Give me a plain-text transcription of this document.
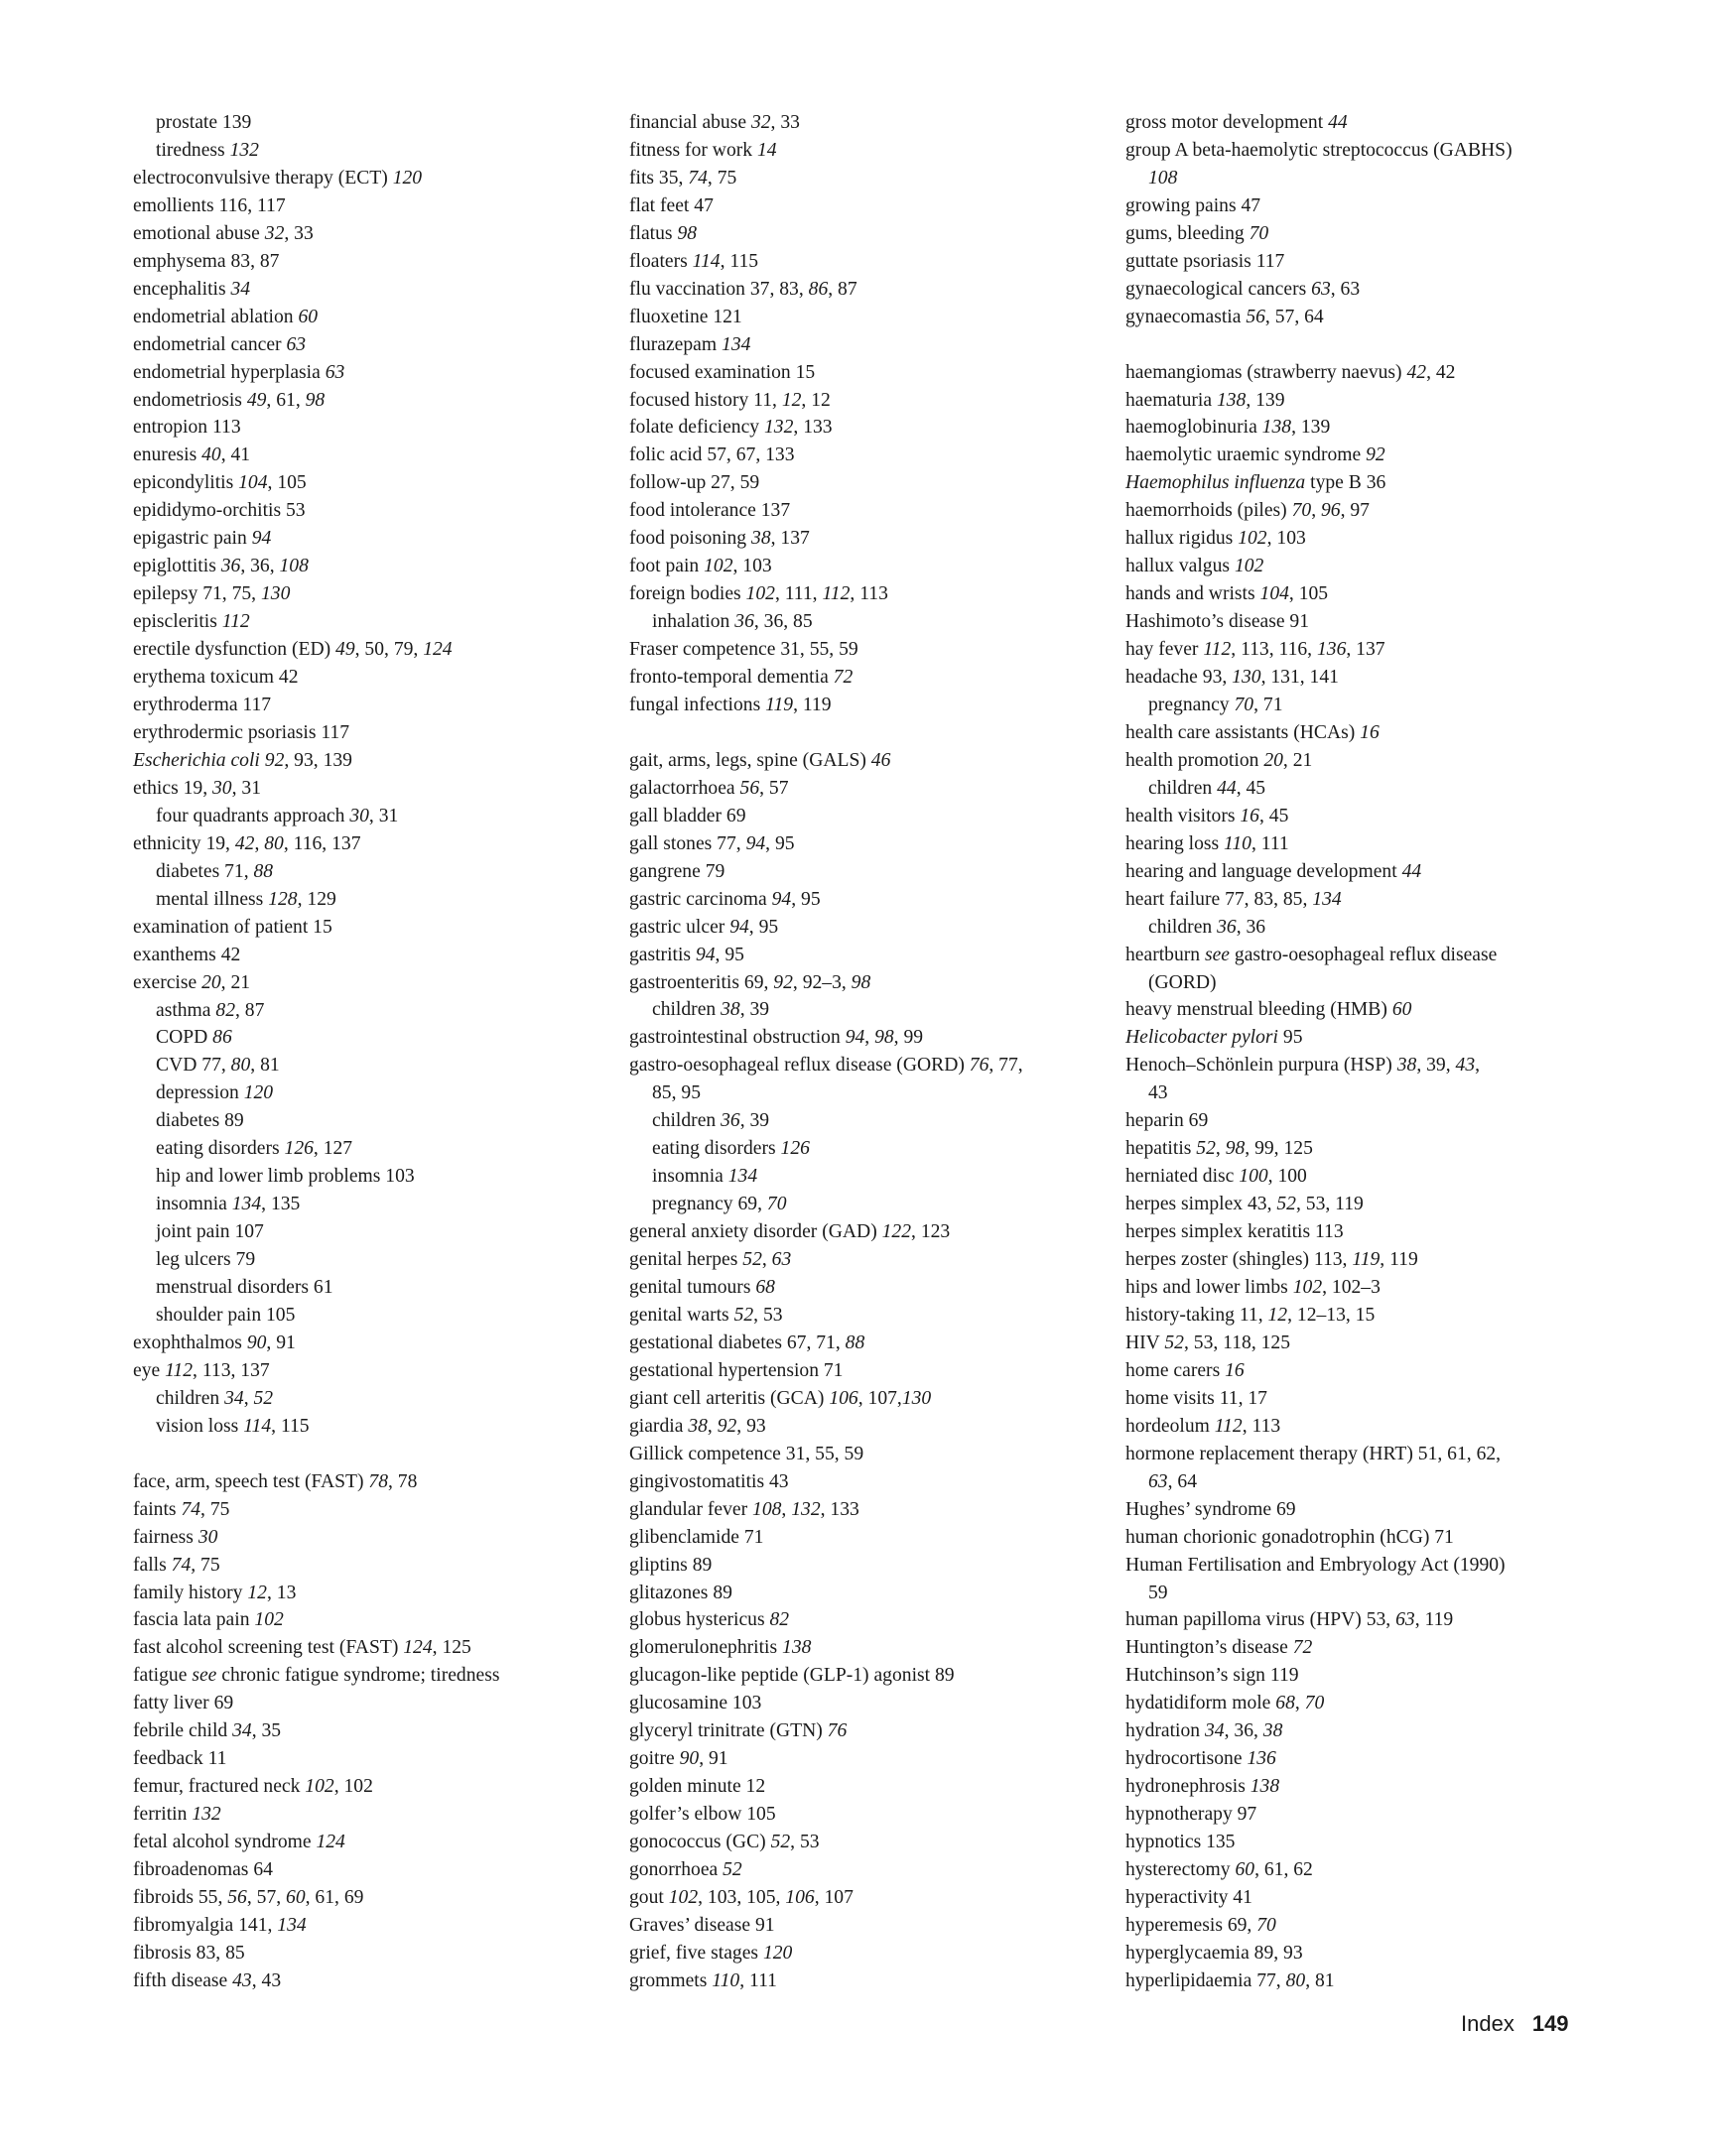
prostate 139
tiredness 132
electroconvulsive therapy (ECT) 120
emollients 116, 117
emotional abuse 32, 33
emphysema 83, 87
encephalitis 34
endometrial ablation 60
endometrial cancer 63
endometrial hyperplasia 63
endometriosis 49, 61, 98
entropion 113
enuresis 40, 41
epicondylitis 104, 105
epididymo-orchitis 53
epigastric pain 94
epiglottitis 36, 36, 108
epilepsy 71, 75, 130
episcleritis 112
erectile dysfunction (ED) 49, 50, 79, 124
erythema toxicum 42
erythroderma 117
erythrodermic psoriasis 117
Escherichia coli 92, 93, 139
ethics 19, 30, 31
four quadrants approach 30, 31
ethnicity 19, 42, 80, 116, 137
diabetes 71, 88
mental illness 128, 129
examination of patient 15
exanthems 42
exercise 20, 21
asthma 82, 87
COPD 86
CVD 77, 80, 81
depression 120
diabetes 89
eating disorders 126, 127
hip and lower limb problems 103
insomnia 134, 135
joint pain 107
leg ulcers 79
menstrual disorders 61
shoulder pain 105
exophthalmos 90, 91
eye 112, 113, 137
children 34, 52
vision loss 114, 115
face, arm, speech test (FAST) 78, 78
faints 74, 75
fairness 30
falls 74, 75
family history 12, 13
fascia lata pain 102
fast alcohol screening test (FAST) 124, 125
fatigue see chronic fatigue syndrome; tiredness
fatty liver 69
febrile child 34, 35
feedback 11
femur, fractured neck 102, 102
ferritin 132
fetal alcohol syndrome 124
fibroadenomas 64
fibroids 55, 56, 57, 60, 61, 69
fibromyalgia 141, 134
fibrosis 83, 85
fifth disease 43, 43
financial abuse 32, 33
fitness for work 14
fits 35, 74, 75
flat feet 47
flatus 98
floaters 114, 115
flu vaccination 37, 83, 86, 87
fluoxetine 121
flurazepam 134
focused examination 15
focused history 11, 12, 12
folate deficiency 132, 133
folic acid 57, 67, 133
follow-up 27, 59
food intolerance 137
food poisoning 38, 137
foot pain 102, 103
foreign bodies 102, 111, 112, 113
inhalation 36, 36, 85
Fraser competence 31, 55, 59
fronto-temporal dementia 72
fungal infections 119, 119
gait, arms, legs, spine (GALS) 46
galactorrhoea 56, 57
gall bladder 69
gall stones 77, 94, 95
gangrene 79
gastric carcinoma 94, 95
gastric ulcer 94, 95
gastritis 94, 95
gastroenteritis 69, 92, 92–3, 98
children 38, 39
gastrointestinal obstruction 94, 98, 99
gastro-oesophageal reflux disease (GORD) 76, 77,
85, 95
children 36, 39
eating disorders 126
insomnia 134
pregnancy 69, 70
general anxiety disorder (GAD) 122, 123
genital herpes 52, 63
genital tumours 68
genital warts 52, 53
gestational diabetes 67, 71, 88
gestational hypertension 71
giant cell arteritis (GCA) 106, 107,130
giardia 38, 92, 93
Gillick competence 31, 55, 59
gingivostomatitis 43
glandular fever 108, 132, 133
glibenclamide 71
gliptins 89
glitazones 89
globus hystericus 82
glomerulonephritis 138
glucagon-like peptide (GLP-1) agonist 89
glucosamine 103
glyceryl trinitrate (GTN) 76
goitre 90, 91
golden minute 12
golfer’s elbow 105
gonococcus (GC) 52, 53
gonorrhoea 52
gout 102, 103, 105, 106, 107
Graves’ disease 91
grief, five stages 120
grommets 110, 111
gross motor development 44
group A beta-haemolytic streptococcus (GABHS)
108
growing pains 47
gums, bleeding 70
guttate psoriasis 117
gynaecological cancers 63, 63
gynaecomastia 56, 57, 64
haemangiomas (strawberry naevus) 42, 42
haematuria 138, 139
haemoglobinuria 138, 139
haemolytic uraemic syndrome 92
Haemophilus influenza type B 36
haemorrhoids (piles) 70, 96, 97
hallux rigidus 102, 103
hallux valgus 102
hands and wrists 104, 105
Hashimoto’s disease 91
hay fever 112, 113, 116, 136, 137
headache 93, 130, 131, 141
pregnancy 70, 71
health care assistants (HCAs) 16
health promotion 20, 21
children 44, 45
health visitors 16, 45
hearing loss 110, 111
hearing and language development 44
heart failure 77, 83, 85, 134
children 36, 36
heartburn see gastro-oesophageal reflux disease
(GORD)
heavy menstrual bleeding (HMB) 60
Helicobacter pylori 95
Henoch–Schönlein purpura (HSP) 38, 39, 43,
43
heparin 69
hepatitis 52, 98, 99, 125
herniated disc 100, 100
herpes simplex 43, 52, 53, 119
herpes simplex keratitis 113
herpes zoster (shingles) 113, 119, 119
hips and lower limbs 102, 102–3
history-taking 11, 12, 12–13, 15
HIV 52, 53, 118, 125
home carers 16
home visits 11, 17
hordeolum 112, 113
hormone replacement therapy (HRT) 51, 61, 62,
63, 64
Hughes’ syndrome 69
human chorionic gonadotrophin (hCG) 71
Human Fertilisation and Embryology Act (1990)
59
human papilloma virus (HPV) 53, 63, 119
Huntington’s disease 72
Hutchinson’s sign 119
hydatidiform mole 68, 70
hydration 34, 36, 38
hydrocortisone 136
hydronephrosis 138
hypnotherapy 97
hypnotics 135
hysterectomy 60, 61, 62
hyperactivity 41
hyperemesis 69, 70
hyperglycaemia 89, 93
hyperlipidaemia 77, 80, 81
Index 149
